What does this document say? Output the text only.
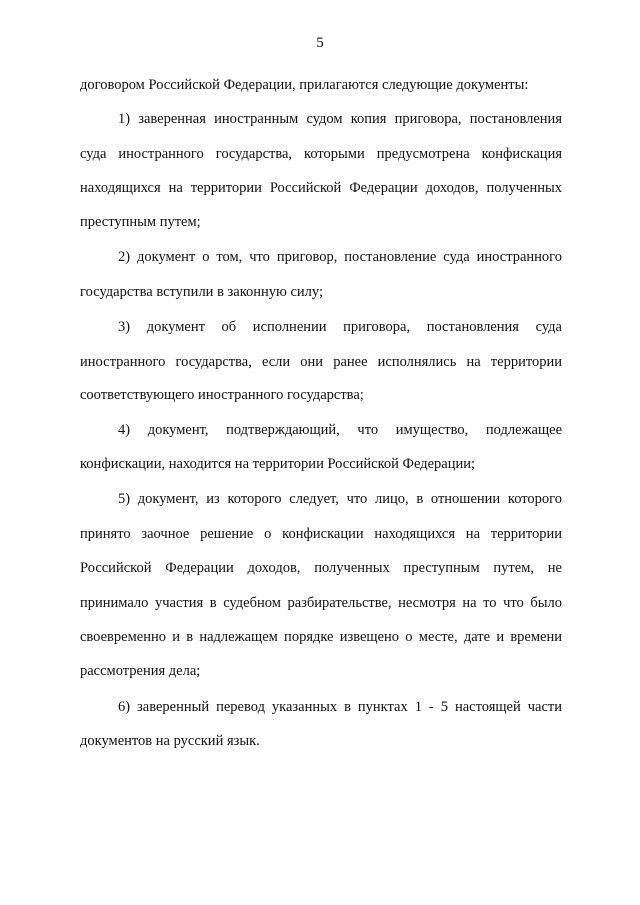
5
договором Российской Федерации, прилагаются следующие документы:
1) заверенная иностранным судом копия приговора, постановления
суда иностранного государства, которыми предусмотрена конфискация
находящихся на территории Российской Федерации доходов, полученных
преступным путем;
2) документ о том, что приговор, постановление суда иностранного
государства вступили в законную силу;
3) документ об исполнении приговора, постановления суда
иностранного государства, если они ранее исполнялись на территории
соответствующего иностранного государства;
4) документ, подтверждающий, что имущество, подлежащее
конфискации, находится на территории Российской Федерации;
5) документ, из которого следует, что лицо, в отношении которого
принято заочное решение о конфискации находящихся на территории
Российской Федерации доходов, полученных преступным путем, не
принимало участия в судебном разбирательстве, несмотря на то что было
своевременно и в надлежащем порядке извещено о месте, дате и времени
рассмотрения дела;
6) заверенный перевод указанных в пунктах 1 - 5 настоящей части
документов на русский язык.
